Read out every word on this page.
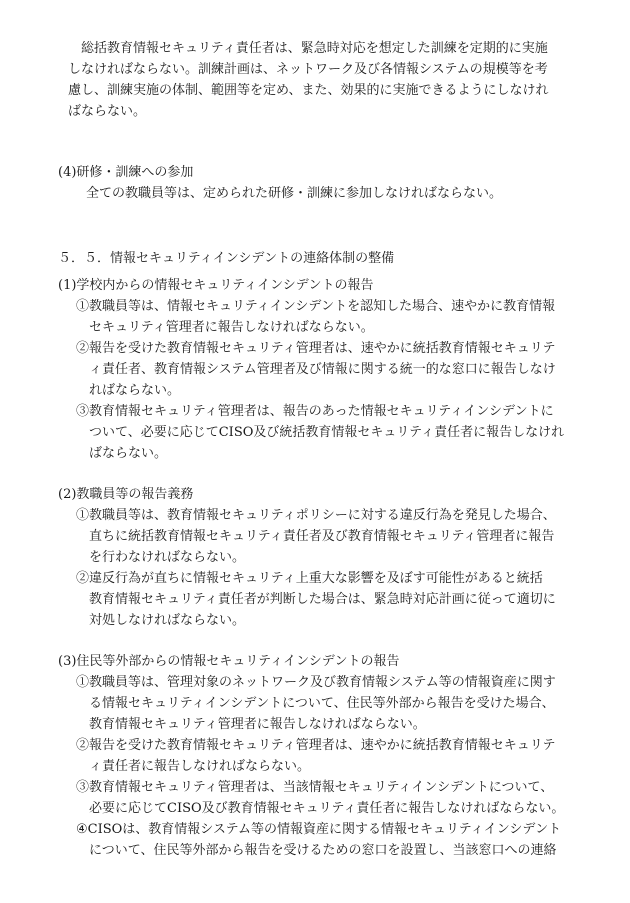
　総括教育情報セキュリティ責任者は、緊急時対応を想定した訓練を定期的に実施
しなければならない。訓練計画は、ネットワーク及び各情報システムの規模等を考
慮し、訓練実施の体制、範囲等を定め、また、効果的に実施できるようにしなけれ
ばならない。

(4)研修・訓練への参加

全ての教職員等は、定められた研修・訓練に参加しなければならない。

５．５．情報セキュリティインシデントの連絡体制の整備

(1)学校内からの情報セキュリティインシデントの報告

①教職員等は、情報セキュリティインシデントを認知した場合、速やかに教育情報
　セキュリティ管理者に報告しなければならない。

②報告を受けた教育情報セキュリティ管理者は、速やかに統括教育情報セキュリテ
　ィ責任者、教育情報システム管理者及び情報に関する統一的な窓口に報告しなけ
　ればならない。

③教育情報セキュリティ管理者は、報告のあった情報セキュリティインシデントに
　ついて、必要に応じてCISO及び統括教育情報セキュリティ責任者に報告しなけれ
　ばならない。

(2)教職員等の報告義務

①教職員等は、教育情報セキュリティポリシーに対する違反行為を発見した場合、
　直ちに統括教育情報セキュリティ責任者及び教育情報セキュリティ管理者に報告
　を行わなければならない。

②違反行為が直ちに情報セキュリティ上重大な影響を及ぼす可能性があると統括
　教育情報セキュリティ責任者が判断した場合は、緊急時対応計画に従って適切に
　対処しなければならない。

(3)住民等外部からの情報セキュリティインシデントの報告

①教職員等は、管理対象のネットワーク及び教育情報システム等の情報資産に関す
　る情報セキュリティインシデントについて、住民等外部から報告を受けた場合、
　教育情報セキュリティ管理者に報告しなければならない。

②報告を受けた教育情報セキュリティ管理者は、速やかに統括教育情報セキュリテ
　ィ責任者に報告しなければならない。

③教育情報セキュリティ管理者は、当該情報セキュリティインシデントについて、
　必要に応じてCISO及び教育情報セキュリティ責任者に報告しなければならない。

④CISOは、教育情報システム等の情報資産に関する情報セキュリティインシデント
　について、住民等外部から報告を受けるための窓口を設置し、当該窓口への連絡
